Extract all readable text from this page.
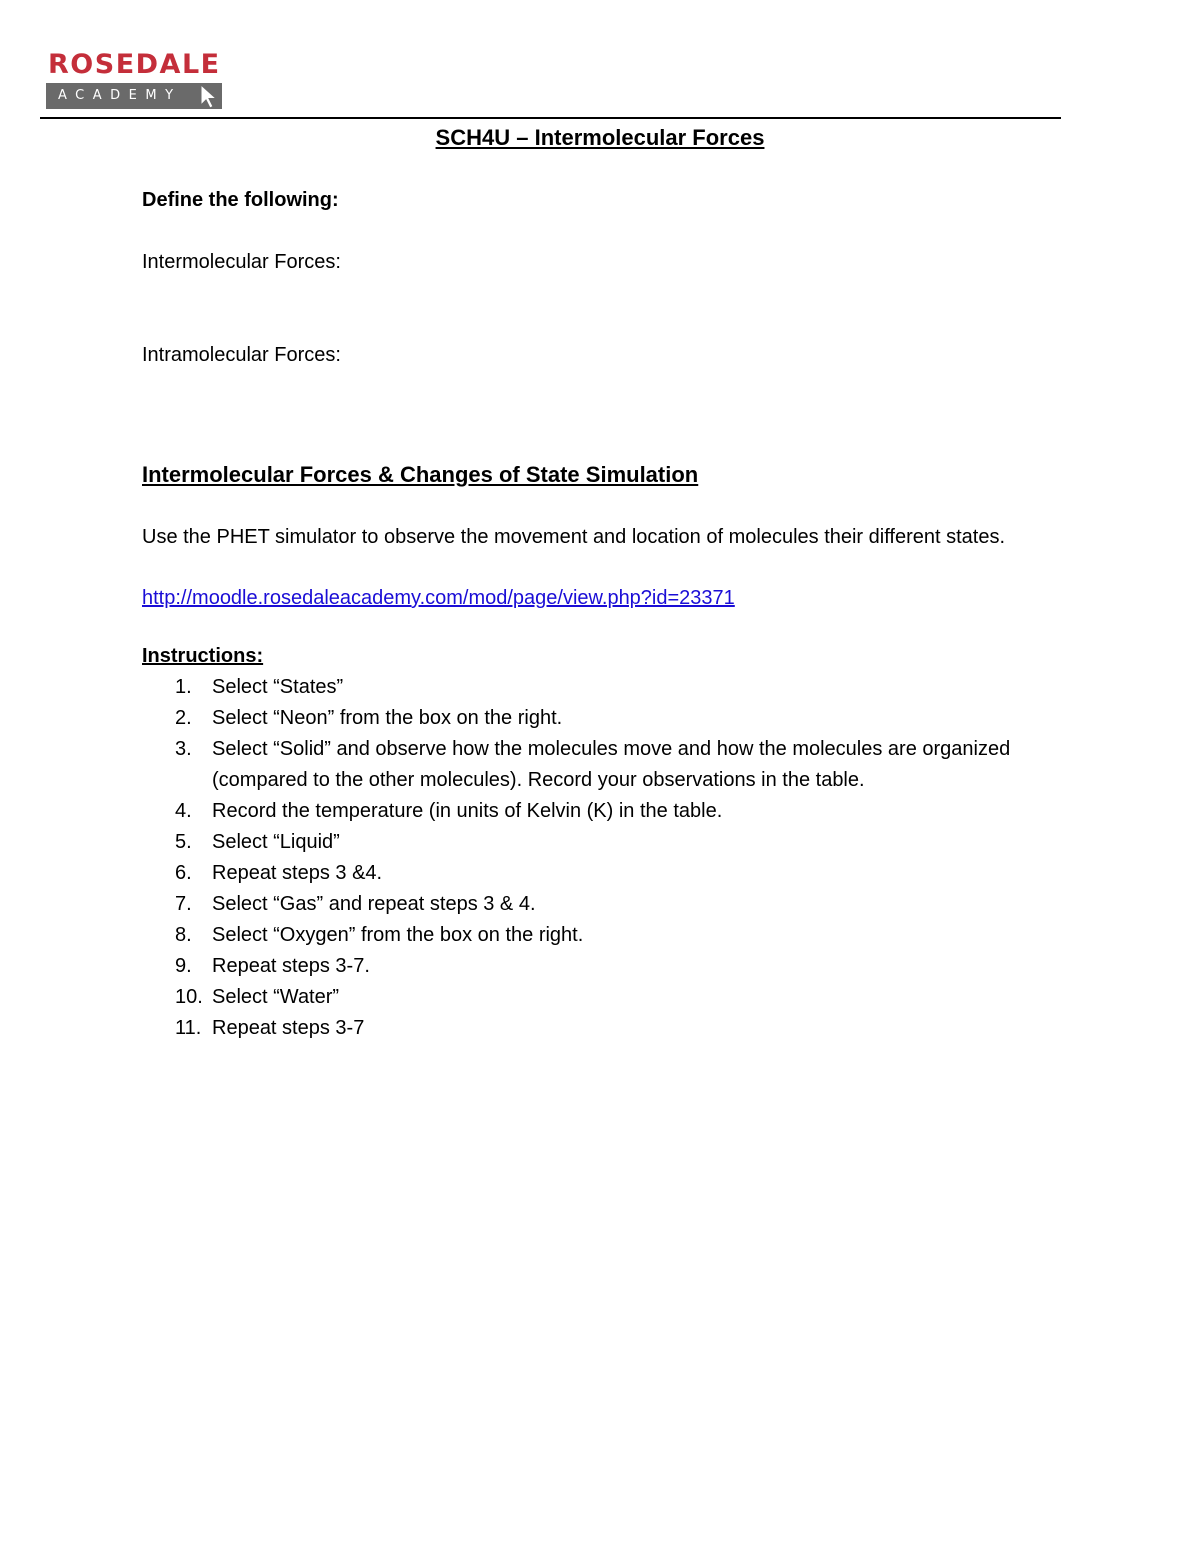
ROSEDALE
ACADEMY
SCH4U – Intermolecular Forces
Define the following:
Intermolecular Forces:
Intramolecular Forces:
Intermolecular Forces & Changes of State Simulation
Use the PHET simulator to observe the movement and location of molecules their different states.
http://moodle.rosedaleacademy.com/mod/page/view.php?id=23371
Instructions:
1. Select “States”
2. Select “Neon” from the box on the right.
3. Select “Solid” and observe how the molecules move and how the molecules are organized (compared to the other molecules). Record your observations in the table.
4. Record the temperature (in units of Kelvin (K) in the table.
5. Select “Liquid”
6. Repeat steps 3 &4.
7. Select “Gas” and repeat steps 3 & 4.
8. Select “Oxygen” from the box on the right.
9. Repeat steps 3-7.
10. Select “Water”
11. Repeat steps 3-7
